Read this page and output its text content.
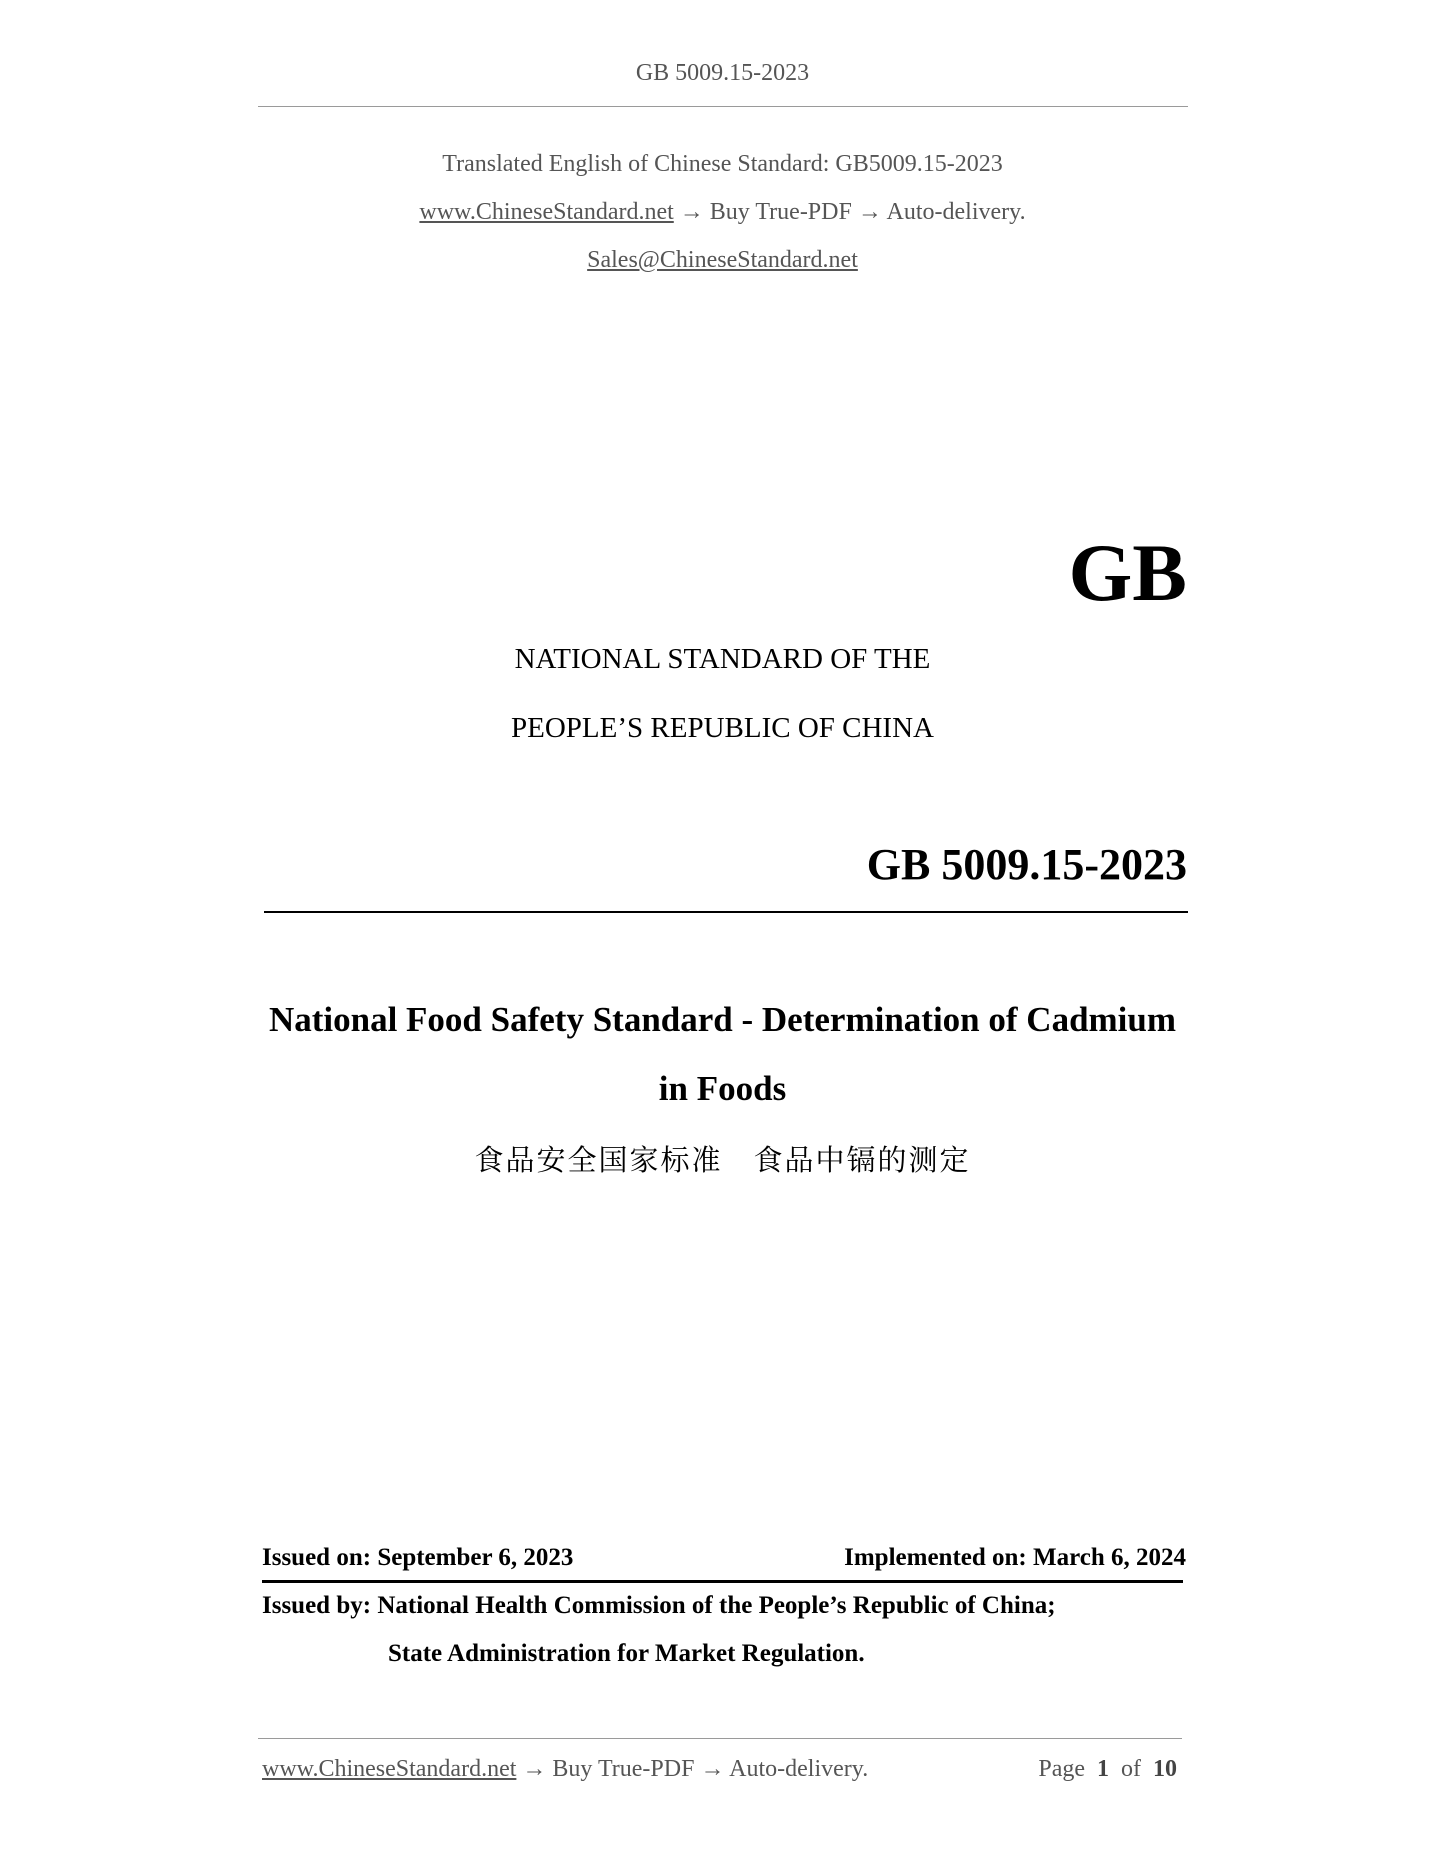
GB 5009.15-2023
Translated English of Chinese Standard: GB5009.15-2023
www.ChineseStandard.net → Buy True-PDF → Auto-delivery.
Sales@ChineseStandard.net
GB
NATIONAL STANDARD OF THE
PEOPLE’S REPUBLIC OF CHINA
GB 5009.15-2023
National Food Safety Standard - Determination of Cadmium
in Foods
食品安全国家标准　食品中镉的测定
Issued on: September 6, 2023	Implemented on: March 6, 2024
Issued by: National Health Commission of the People’s Republic of China;
State Administration for Market Regulation.
www.ChineseStandard.net → Buy True-PDF → Auto-delivery.	Page 1 of 10
